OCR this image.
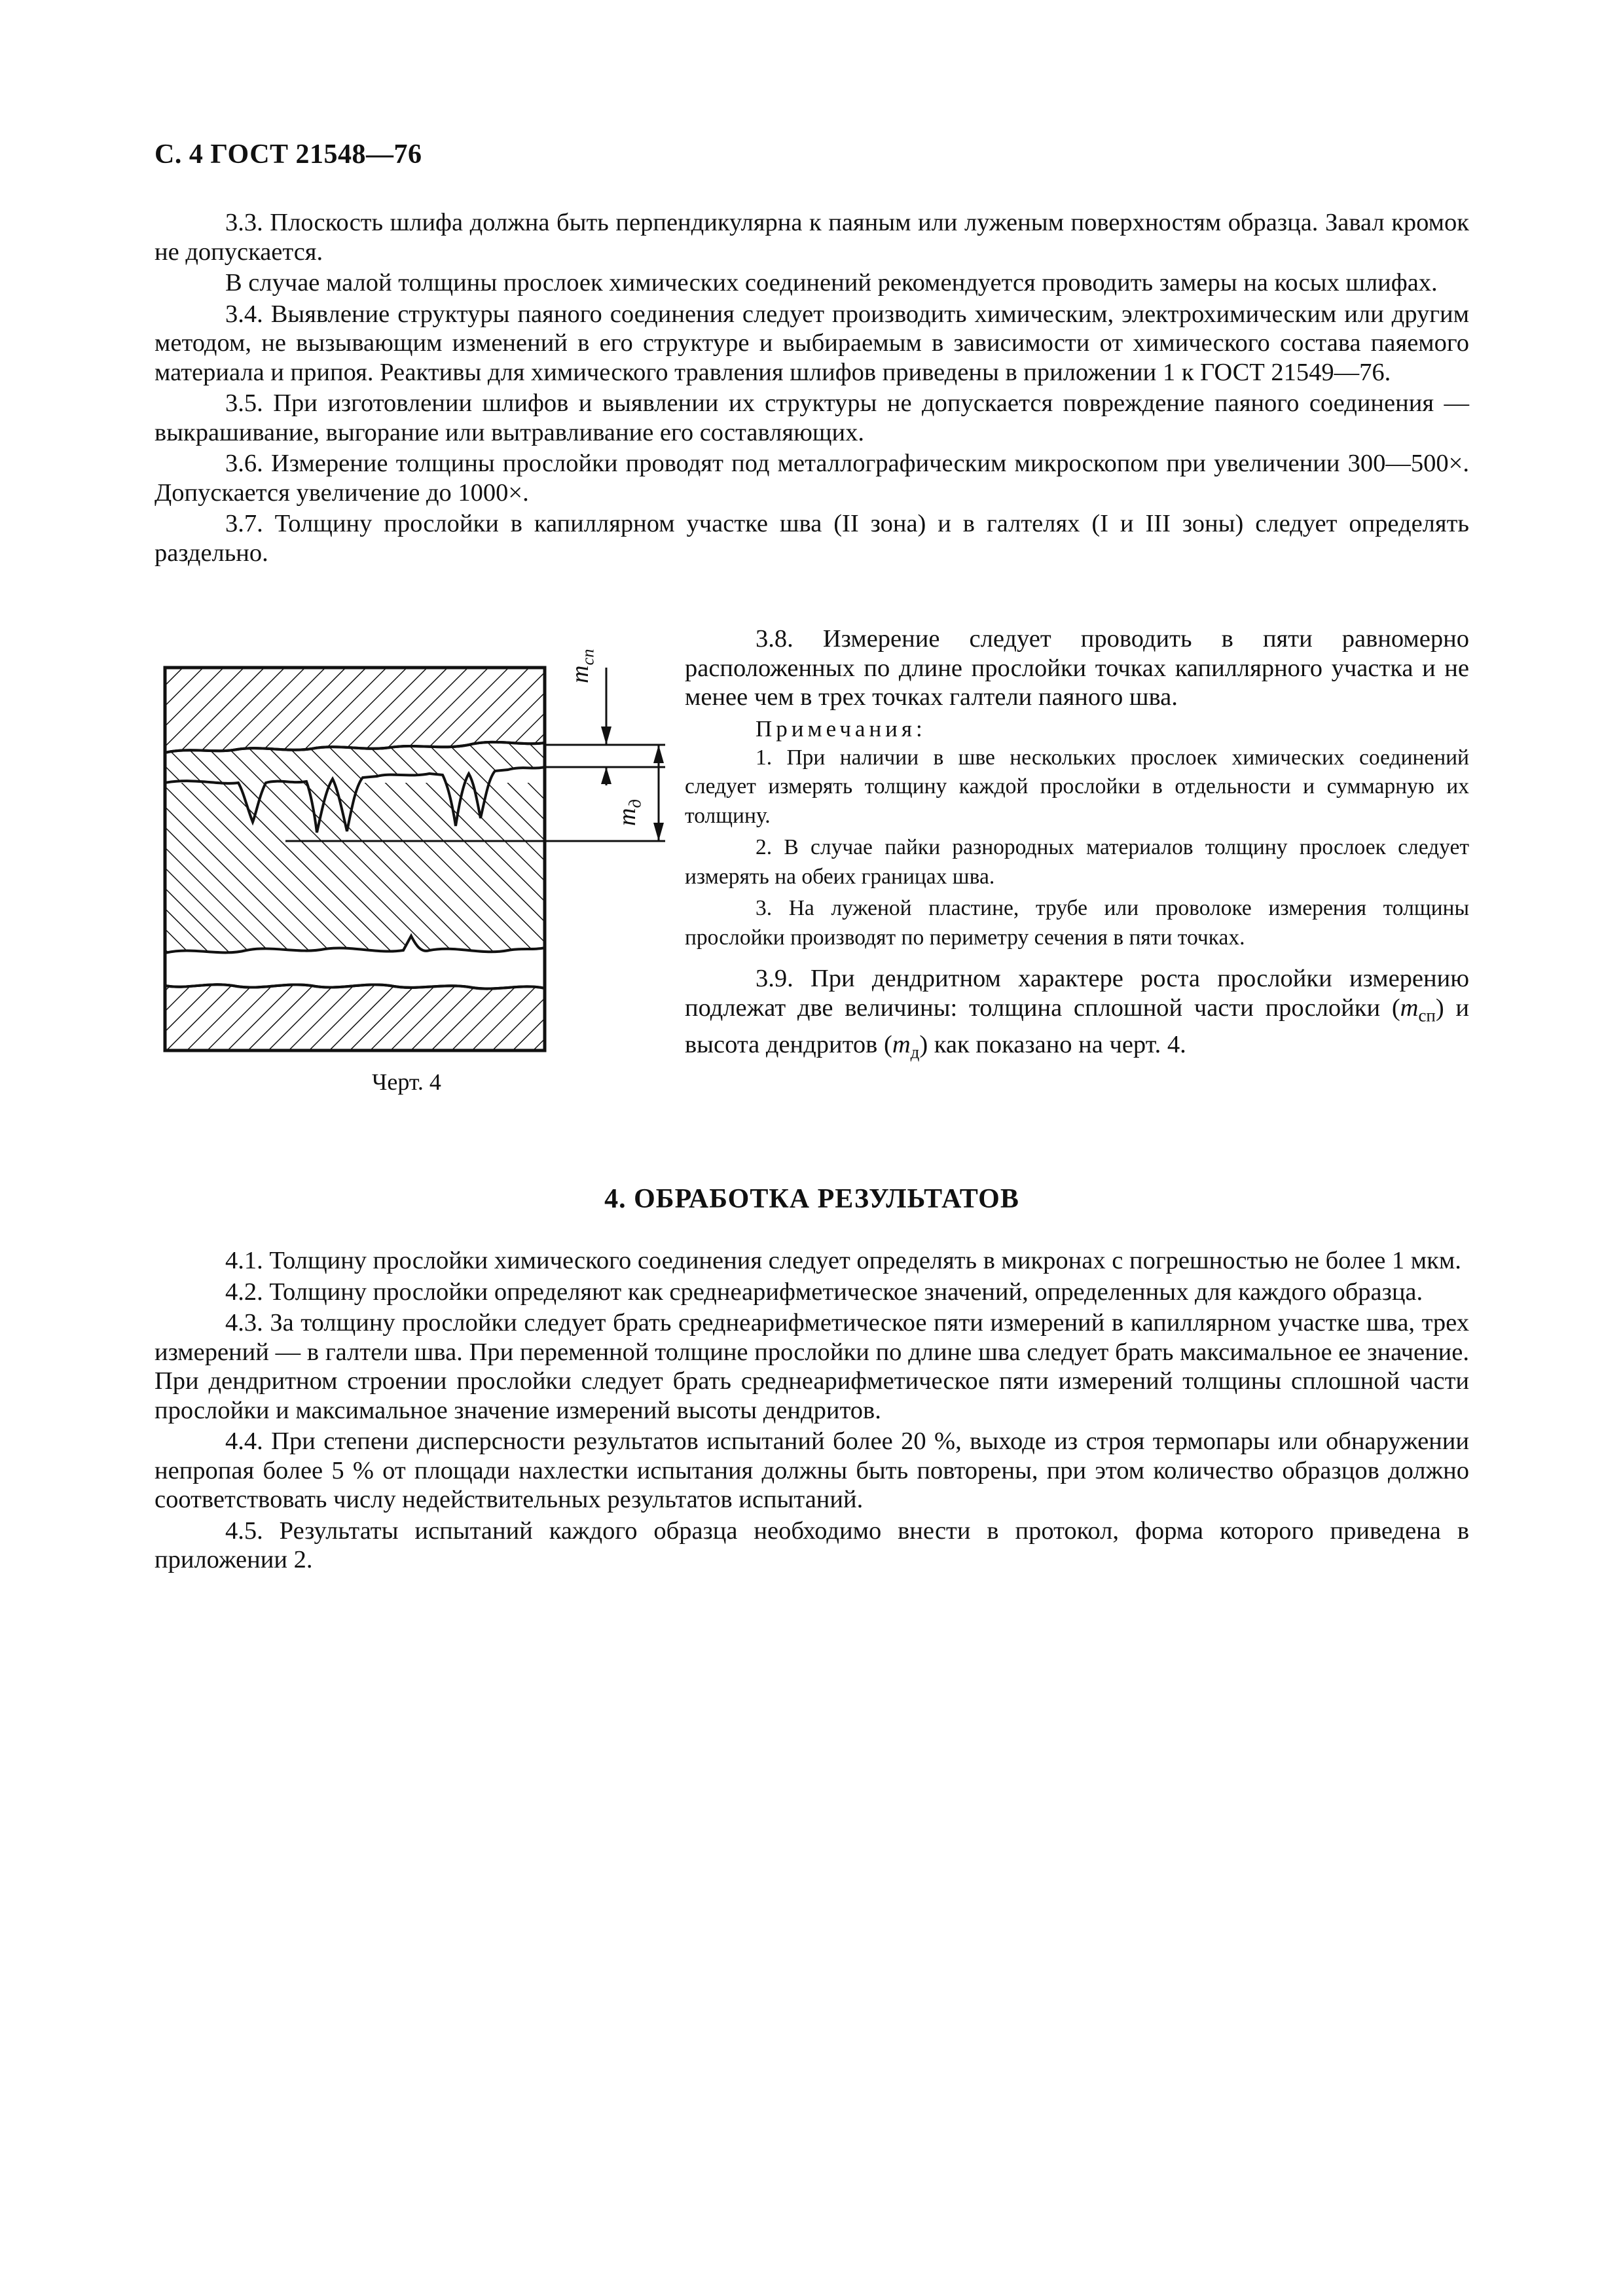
С. 4 ГОСТ 21548—76

3.3. Плоскость шлифа должна быть перпендикулярна к паяным или луженым поверхностям образца. Завал кромок не допускается.

В случае малой толщины прослоек химических соединений рекомендуется проводить замеры на косых шлифах.

3.4. Выявление структуры паяного соединения следует производить химическим, электрохимическим или другим методом, не вызывающим изменений в его структуре и выбираемым в зависимости от химического состава паяемого материала и припоя. Реактивы для химического травления шлифов приведены в приложении 1 к ГОСТ 21549—76.

3.5. При изготовлении шлифов и выявлении их структуры не допускается повреждение паяного соединения — выкрашивание, выгорание или вытравливание его составляющих.

3.6. Измерение толщины прослойки проводят под металлографическим микроскопом при увеличении 300—500×. Допускается увеличение до 1000×.

3.7. Толщину прослойки в капиллярном участке шва (II зона) и в галтелях (I и III зоны) следует определять раздельно.

$m_{сп}$
$m_д$
Черт. 4

3.8. Измерение следует проводить в пяти равномерно расположенных по длине прослойки точках капиллярного участка и не менее чем в трех точках галтели паяного шва.

Примечания:

1. При наличии в шве нескольких прослоек химических соединений следует измерять толщину каждой прослойки в отдельности и суммарную их толщину.

2. В случае пайки разнородных материалов толщину прослоек следует измерять на обеих границах шва.

3. На луженой пластине, трубе или проволоке измерения толщины прослойки производят по периметру сечения в пяти точках.

3.9. При дендритном характере роста прослойки измерению подлежат две величины: толщина сплошной части прослойки $(m_{сп})$ и высота дендритов $(m_д)$ как показано на черт. 4.

4. ОБРАБОТКА РЕЗУЛЬТАТОВ

4.1. Толщину прослойки химического соединения следует определять в микронах с погрешностью не более 1 мкм.

4.2. Толщину прослойки определяют как среднеарифметическое значений, определенных для каждого образца.

4.3. За толщину прослойки следует брать среднеарифметическое пяти измерений в капиллярном участке шва, трех измерений — в галтели шва. При переменной толщине прослойки по длине шва следует брать максимальное ее значение. При дендритном строении прослойки следует брать среднеарифметическое пяти измерений толщины сплошной части прослойки и максимальное значение измерений высоты дендритов.

4.4. При степени дисперсности результатов испытаний более 20 %, выходе из строя термопары или обнаружении непропая более 5 % от площади нахлестки испытания должны быть повторены, при этом количество образцов должно соответствовать числу недействительных результатов испытаний.

4.5. Результаты испытаний каждого образца необходимо внести в протокол, форма которого приведена в приложении 2.
